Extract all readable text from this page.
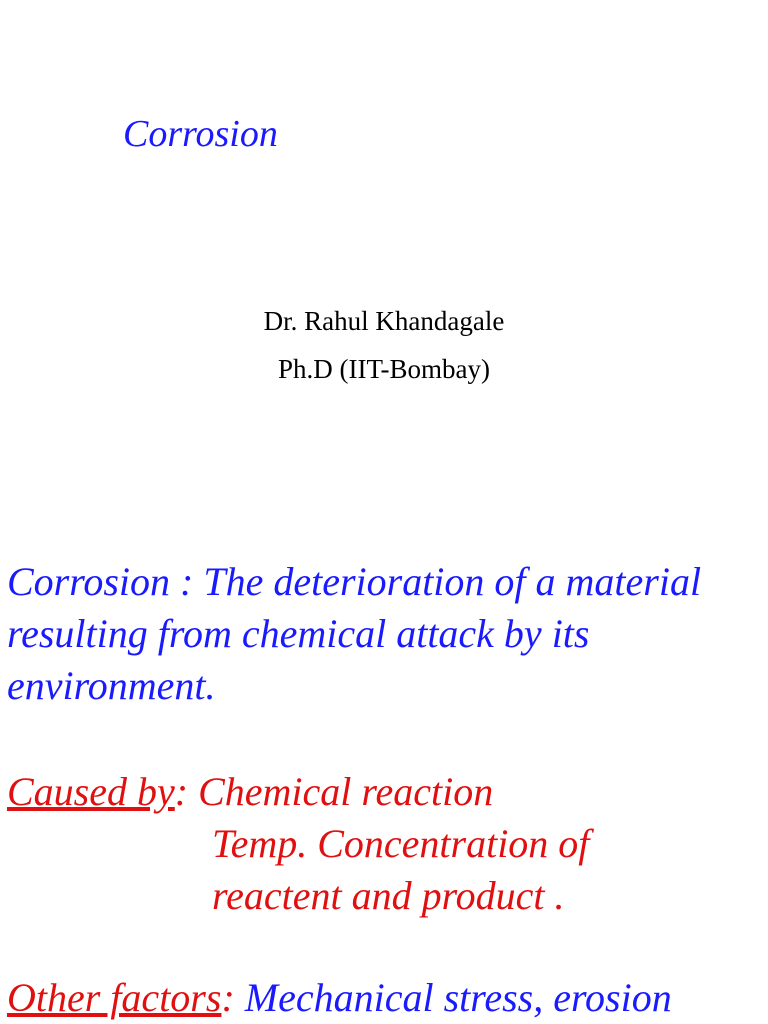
Corrosion
Dr. Rahul Khandagale
Ph.D (IIT-Bombay)
Corrosion : The deterioration of a material
resulting from chemical attack by its
environment.
Caused by: Chemical reaction
Temp. Concentration of
reactent and product .
Other factors: Mechanical stress, erosion
